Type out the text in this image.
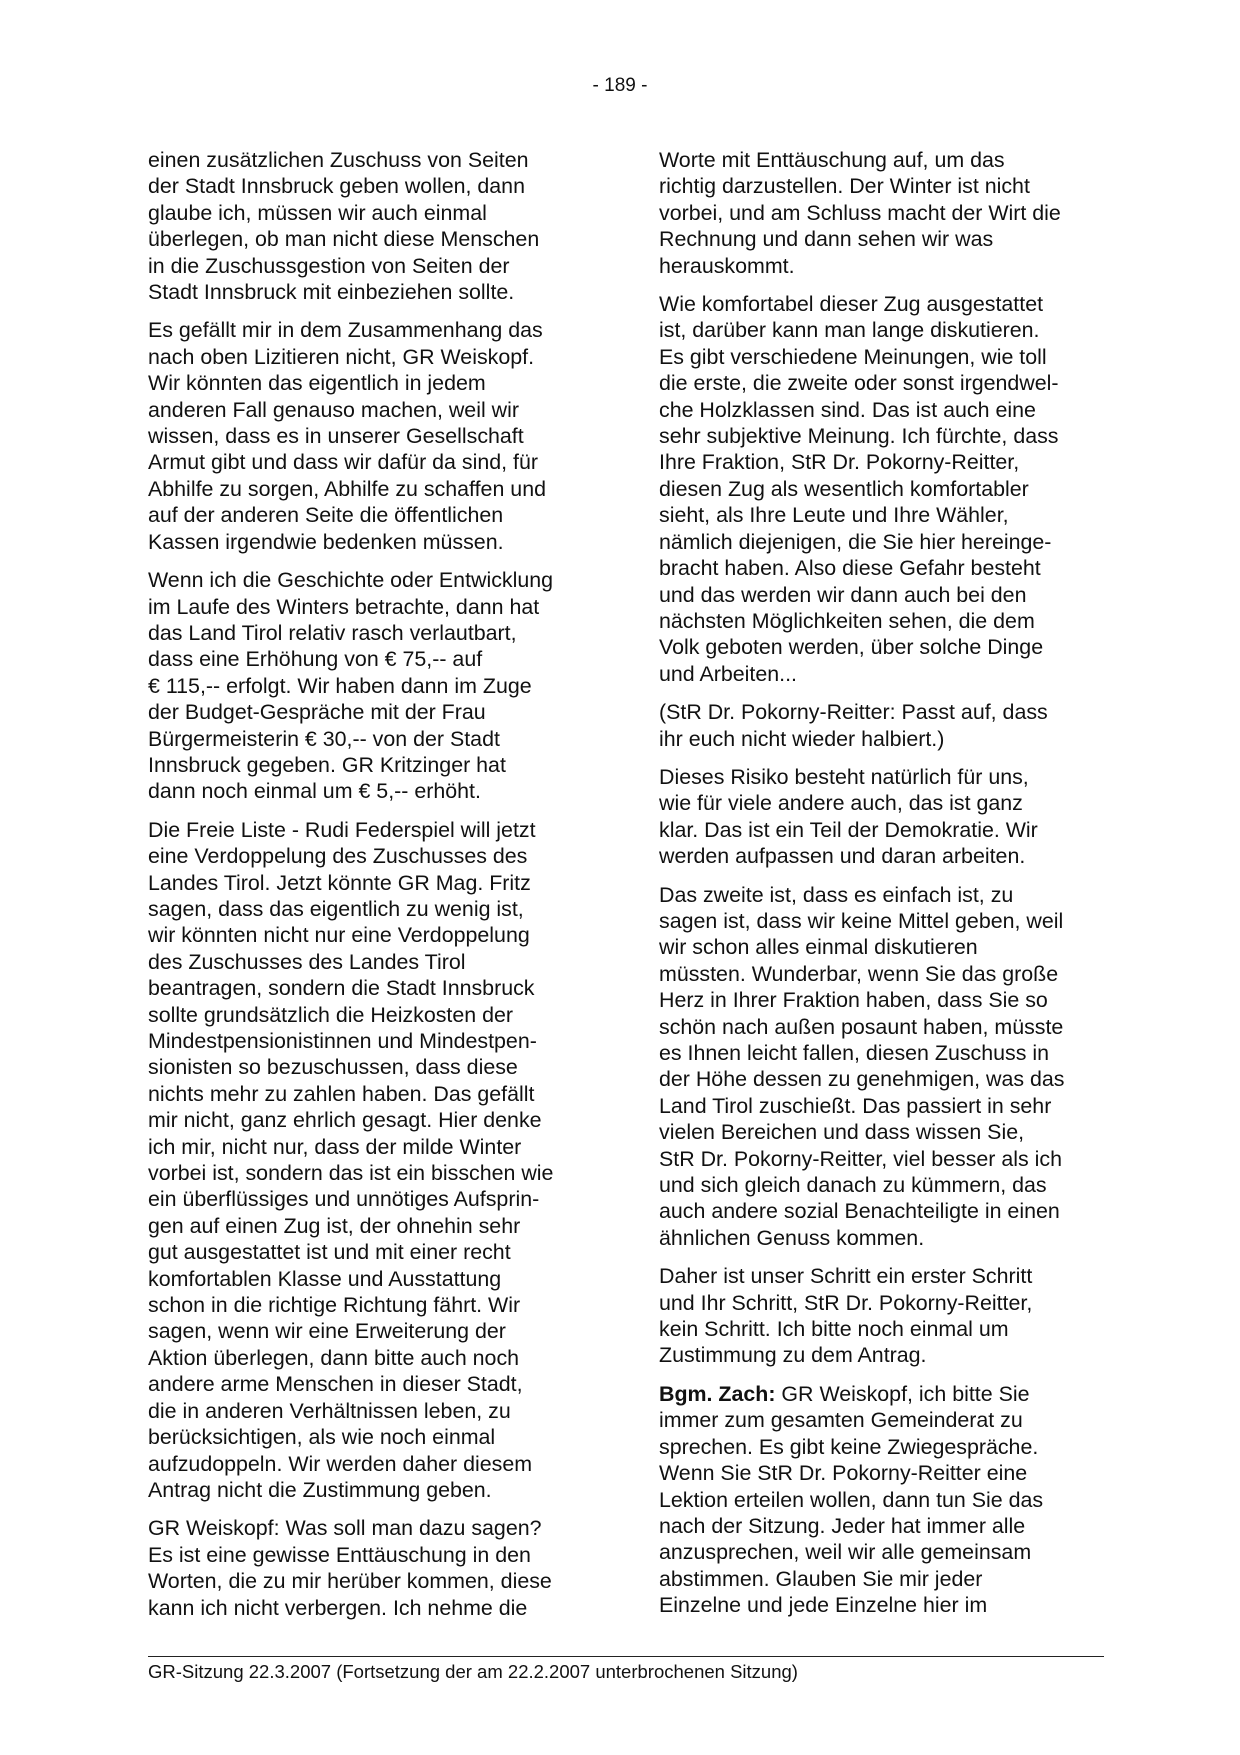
- 189 -

einen zusätzlichen Zuschuss von Seiten
der Stadt Innsbruck geben wollen, dann
glaube ich, müssen wir auch einmal
überlegen, ob man nicht diese Menschen
in die Zuschussgestion von Seiten der
Stadt Innsbruck mit einbeziehen sollte.

Es gefällt mir in dem Zusammenhang das
nach oben Lizitieren nicht, GR Weiskopf.
Wir könnten das eigentlich in jedem
anderen Fall genauso machen, weil wir
wissen, dass es in unserer Gesellschaft
Armut gibt und dass wir dafür da sind, für
Abhilfe zu sorgen, Abhilfe zu schaffen und
auf der anderen Seite die öffentlichen
Kassen irgendwie bedenken müssen.

Wenn ich die Geschichte oder Entwicklung
im Laufe des Winters betrachte, dann hat
das Land Tirol relativ rasch verlautbart,
dass eine Erhöhung von € 75,-- auf
€ 115,-- erfolgt. Wir haben dann im Zuge
der Budget-Gespräche mit der Frau
Bürgermeisterin € 30,-- von der Stadt
Innsbruck gegeben. GR Kritzinger hat
dann noch einmal um € 5,-- erhöht.

Die Freie Liste - Rudi Federspiel will jetzt
eine Verdoppelung des Zuschusses des
Landes Tirol. Jetzt könnte GR Mag. Fritz
sagen, dass das eigentlich zu wenig ist,
wir könnten nicht nur eine Verdoppelung
des Zuschusses des Landes Tirol
beantragen, sondern die Stadt Innsbruck
sollte grundsätzlich die Heizkosten der
Mindestpensionistinnen und Mindestpen-
sionisten so bezuschussen, dass diese
nichts mehr zu zahlen haben. Das gefällt
mir nicht, ganz ehrlich gesagt. Hier denke
ich mir, nicht nur, dass der milde Winter
vorbei ist, sondern das ist ein bisschen wie
ein überflüssiges und unnötiges Aufsprin-
gen auf einen Zug ist, der ohnehin sehr
gut ausgestattet ist und mit einer recht
komfortablen Klasse und Ausstattung
schon in die richtige Richtung fährt. Wir
sagen, wenn wir eine Erweiterung der
Aktion überlegen, dann bitte auch noch
andere arme Menschen in dieser Stadt,
die in anderen Verhältnissen leben, zu
berücksichtigen, als wie noch einmal
aufzudoppeln. Wir werden daher diesem
Antrag nicht die Zustimmung geben.

GR Weiskopf: Was soll man dazu sagen?
Es ist eine gewisse Enttäuschung in den
Worten, die zu mir herüber kommen, diese
kann ich nicht verbergen. Ich nehme die

Worte mit Enttäuschung auf, um das
richtig darzustellen. Der Winter ist nicht
vorbei, und am Schluss macht der Wirt die
Rechnung und dann sehen wir was
herauskommt.

Wie komfortabel dieser Zug ausgestattet
ist, darüber kann man lange diskutieren.
Es gibt verschiedene Meinungen, wie toll
die erste, die zweite oder sonst irgendwel-
che Holzklassen sind. Das ist auch eine
sehr subjektive Meinung. Ich fürchte, dass
Ihre Fraktion, StR Dr. Pokorny-Reitter,
diesen Zug als wesentlich komfortabler
sieht, als Ihre Leute und Ihre Wähler,
nämlich diejenigen, die Sie hier hereinge-
bracht haben. Also diese Gefahr besteht
und das werden wir dann auch bei den
nächsten Möglichkeiten sehen, die dem
Volk geboten werden, über solche Dinge
und Arbeiten...

(StR Dr. Pokorny-Reitter: Passt auf, dass
ihr euch nicht wieder halbiert.)

Dieses Risiko besteht natürlich für uns,
wie für viele andere auch, das ist ganz
klar. Das ist ein Teil der Demokratie. Wir
werden aufpassen und daran arbeiten.

Das zweite ist, dass es einfach ist, zu
sagen ist, dass wir keine Mittel geben, weil
wir schon alles einmal diskutieren
müssten. Wunderbar, wenn Sie das große
Herz in Ihrer Fraktion haben, dass Sie so
schön nach außen posaunt haben, müsste
es Ihnen leicht fallen, diesen Zuschuss in
der Höhe dessen zu genehmigen, was das
Land Tirol zuschießt. Das passiert in sehr
vielen Bereichen und dass wissen Sie,
StR Dr. Pokorny-Reitter, viel besser als ich
und sich gleich danach zu kümmern, das
auch andere sozial Benachteiligte in einen
ähnlichen Genuss kommen.

Daher ist unser Schritt ein erster Schritt
und Ihr Schritt, StR Dr. Pokorny-Reitter,
kein Schritt. Ich bitte noch einmal um
Zustimmung zu dem Antrag.

Bgm. Zach: GR Weiskopf, ich bitte Sie
immer zum gesamten Gemeinderat zu
sprechen. Es gibt keine Zwiegespräche.
Wenn Sie StR Dr. Pokorny-Reitter eine
Lektion erteilen wollen, dann tun Sie das
nach der Sitzung. Jeder hat immer alle
anzusprechen, weil wir alle gemeinsam
abstimmen. Glauben Sie mir jeder
Einzelne und jede Einzelne hier im

GR-Sitzung 22.3.2007 (Fortsetzung der am 22.2.2007 unterbrochenen Sitzung)
